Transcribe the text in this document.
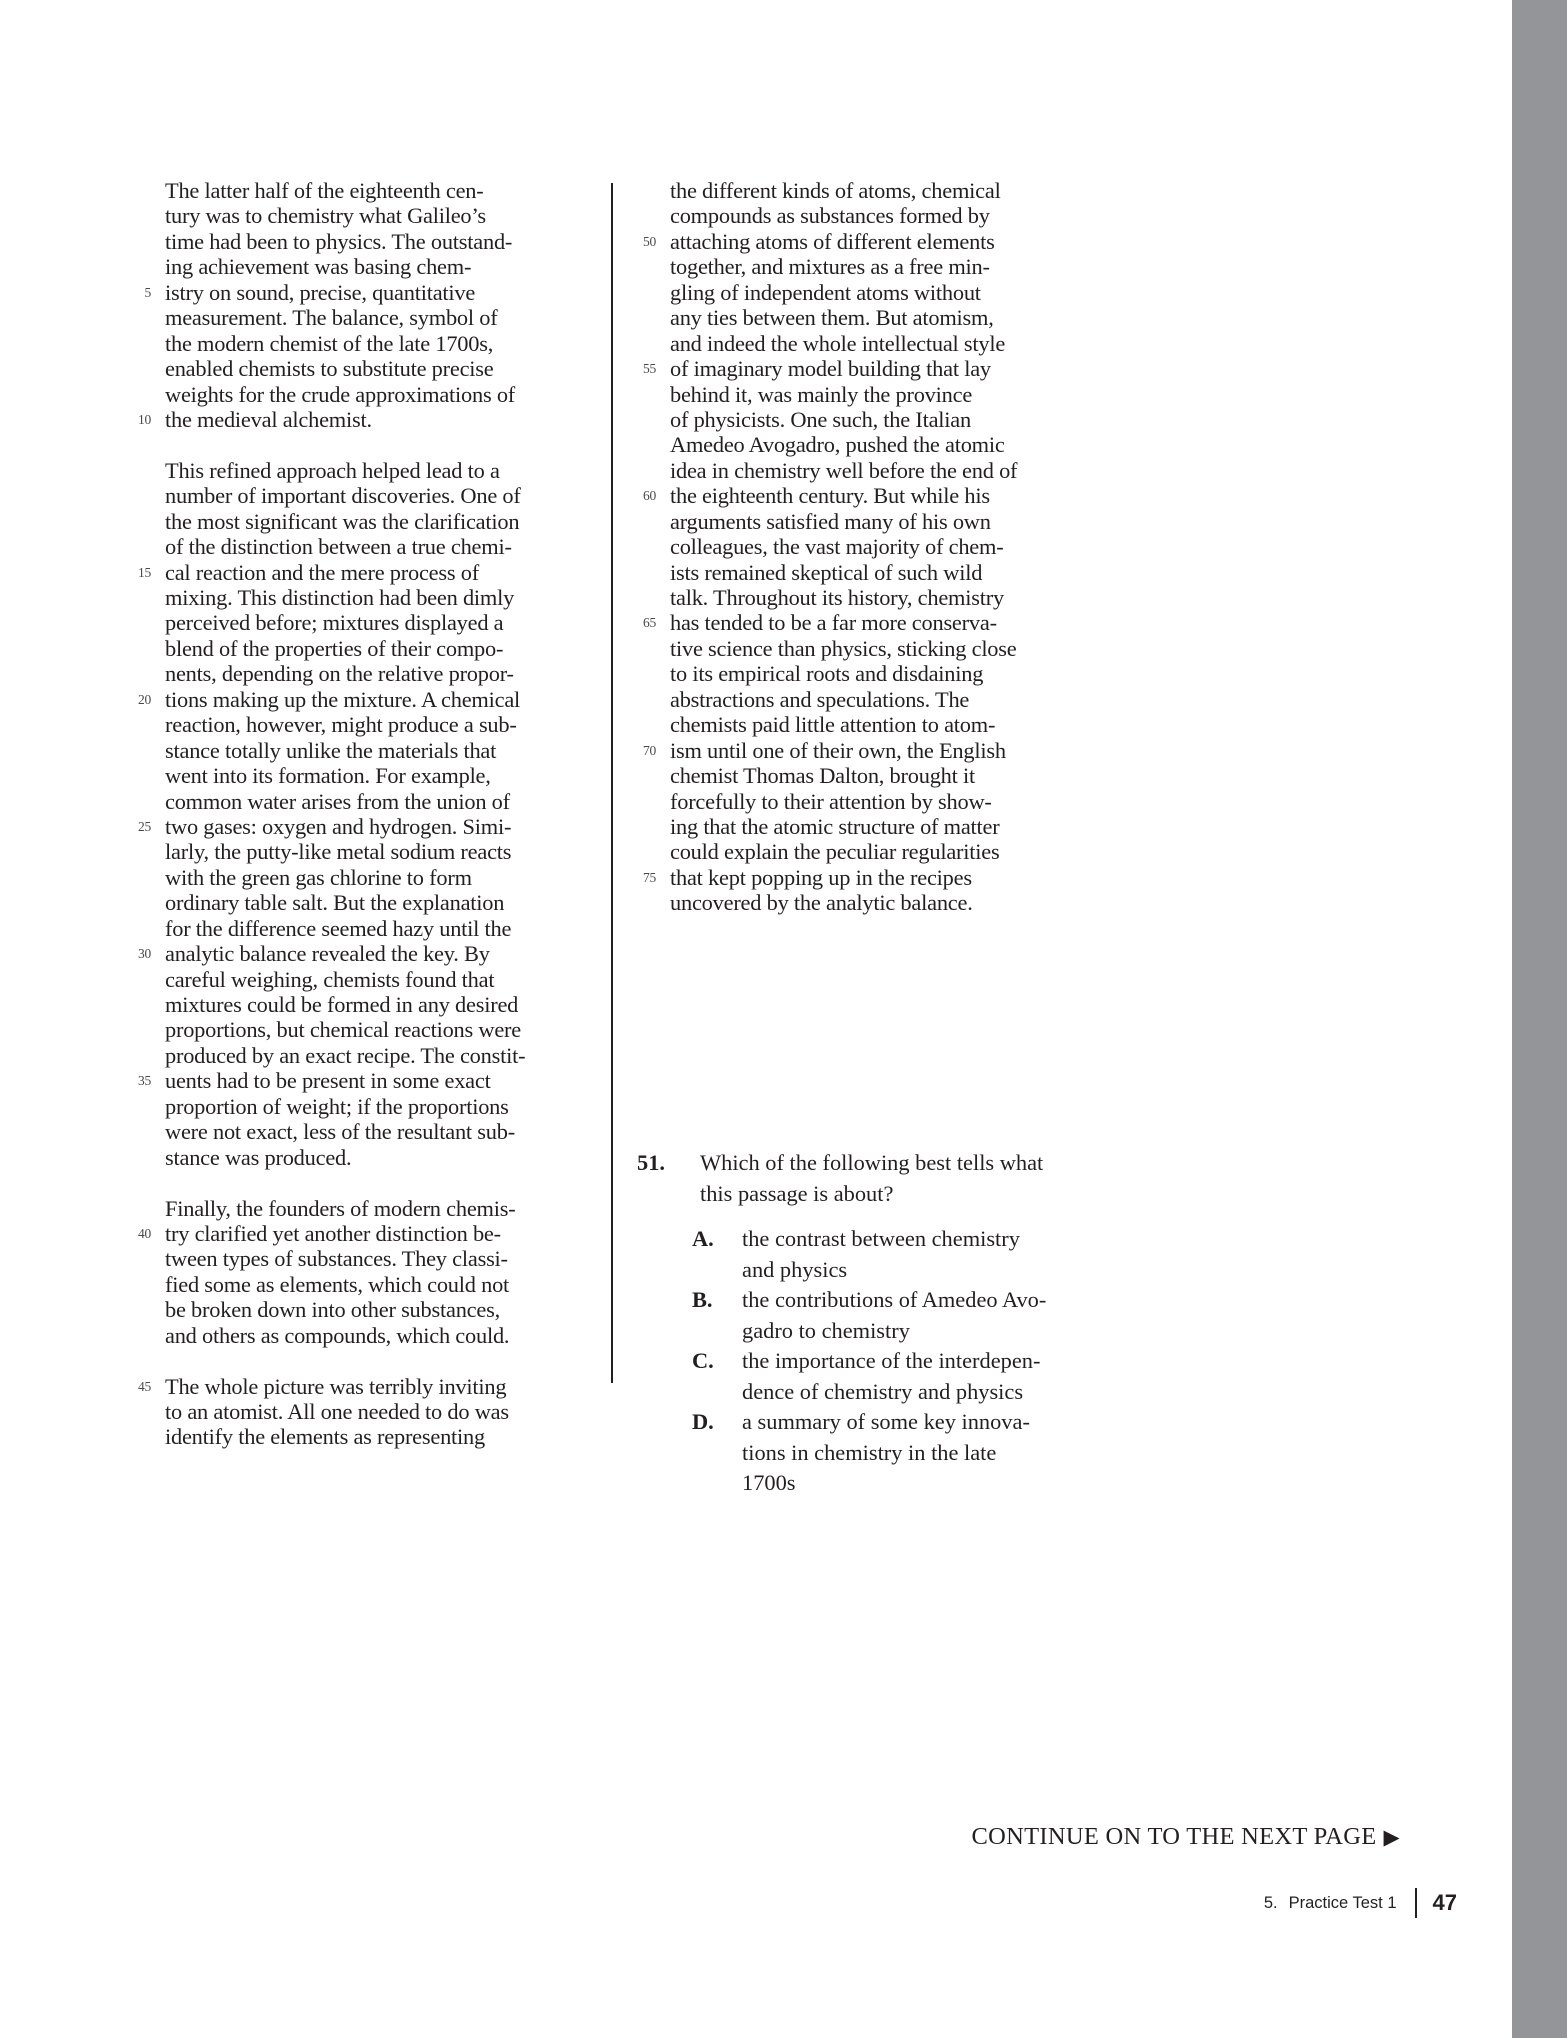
The latter half of the eighteenth cen-
tury was to chemistry what Galileo’s
time had been to physics. The outstand-
ing achievement was basing chem-
5 istry on sound, precise, quantitative
measurement. The balance, symbol of
the modern chemist of the late 1700s,
enabled chemists to substitute precise
weights for the crude approximations of
10 the medieval alchemist.
This refined approach helped lead to a
number of important discoveries. One of
the most significant was the clarification
of the distinction between a true chemi-
15 cal reaction and the mere process of
mixing. This distinction had been dimly
perceived before; mixtures displayed a
blend of the properties of their compo-
nents, depending on the relative propor-
20 tions making up the mixture. A chemical
reaction, however, might produce a sub-
stance totally unlike the materials that
went into its formation. For example,
common water arises from the union of
25 two gases: oxygen and hydrogen. Simi-
larly, the putty-like metal sodium reacts
with the green gas chlorine to form
ordinary table salt. But the explanation
for the difference seemed hazy until the
30 analytic balance revealed the key. By
careful weighing, chemists found that
mixtures could be formed in any desired
proportions, but chemical reactions were
produced by an exact recipe. The constit-
35 uents had to be present in some exact
proportion of weight; if the proportions
were not exact, less of the resultant sub-
stance was produced.
Finally, the founders of modern chemis-
40 try clarified yet another distinction be-
tween types of substances. They classi-
fied some as elements, which could not
be broken down into other substances,
and others as compounds, which could.
45 The whole picture was terribly inviting
to an atomist. All one needed to do was
identify the elements as representing
the different kinds of atoms, chemical
compounds as substances formed by
50 attaching atoms of different elements
together, and mixtures as a free min-
gling of independent atoms without
any ties between them. But atomism,
and indeed the whole intellectual style
55 of imaginary model building that lay
behind it, was mainly the province
of physicists. One such, the Italian
Amedeo Avogadro, pushed the atomic
idea in chemistry well before the end of
60 the eighteenth century. But while his
arguments satisfied many of his own
colleagues, the vast majority of chem-
ists remained skeptical of such wild
talk. Throughout its history, chemistry
65 has tended to be a far more conserva-
tive science than physics, sticking close
to its empirical roots and disdaining
abstractions and speculations. The
chemists paid little attention to atom-
70 ism until one of their own, the English
chemist Thomas Dalton, brought it
forcefully to their attention by show-
ing that the atomic structure of matter
could explain the peculiar regularities
75 that kept popping up in the recipes
uncovered by the analytic balance.
51. Which of the following best tells what
this passage is about?
A. the contrast between chemistry
and physics
B. the contributions of Amedeo Avo-
gadro to chemistry
C. the importance of the interdepen-
dence of chemistry and physics
D. a summary of some key innova-
tions in chemistry in the late
1700s

CONTINUE ON TO THE NEXT PAGE ▶

5. Practice Test 1 47
